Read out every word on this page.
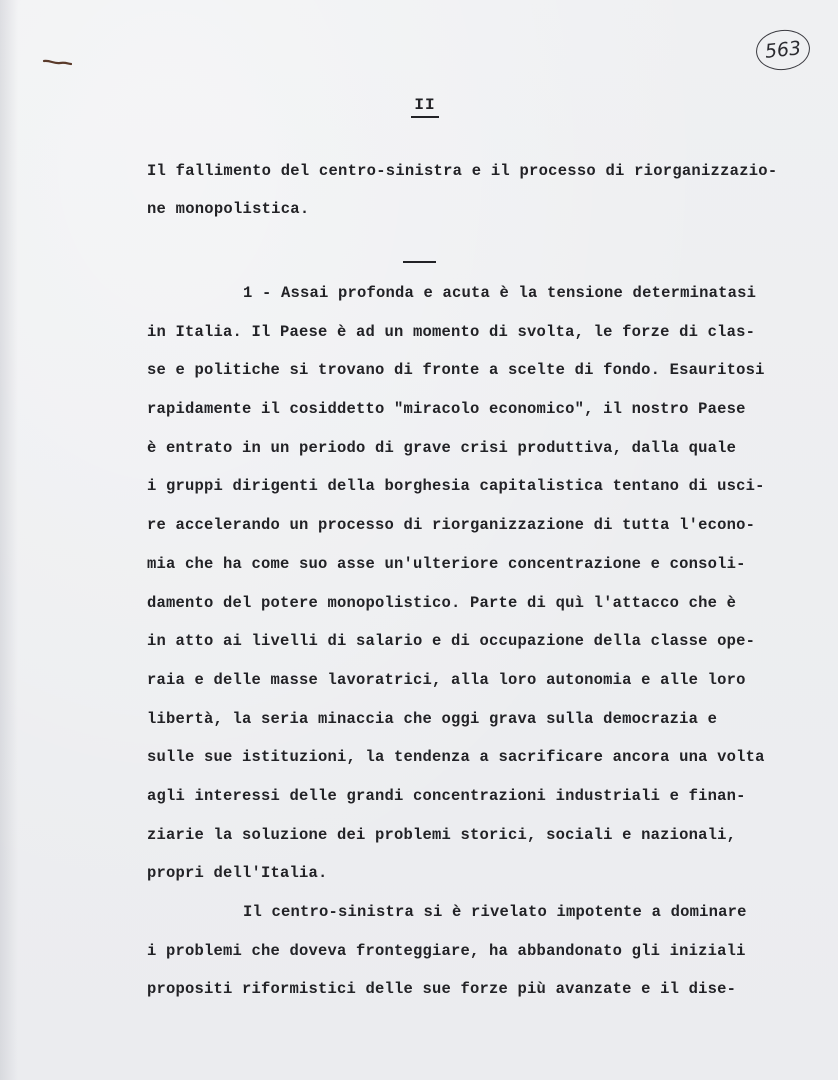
563
II
Il fallimento del centro-sinistra e il processo di riorganizzazio-
ne monopolistica.
1 - Assai profonda e acuta è la tensione determinatasi
in Italia. Il Paese è ad un momento di svolta, le forze di clas-
se e politiche si trovano di fronte a scelte di fondo. Esauritosi
rapidamente il cosiddetto "miracolo economico", il nostro Paese
è entrato in un periodo di grave crisi produttiva, dalla quale
i gruppi dirigenti della borghesia capitalistica tentano di usci-
re accelerando un processo di riorganizzazione di tutta l'econo-
mia che ha come suo asse un'ulteriore concentrazione e consoli-
damento del potere monopolistico. Parte di quì l'attacco che è
in atto ai livelli di salario e di occupazione della classe ope-
raia e delle masse lavoratrici, alla loro autonomia e alle loro
libertà, la seria minaccia che oggi grava sulla democrazia e
sulle sue istituzioni, la tendenza a sacrificare ancora una volta
agli interessi delle grandi concentrazioni industriali e finan-
ziarie la soluzione dei problemi storici, sociali e nazionali,
propri dell'Italia.
Il centro-sinistra si è rivelato impotente a dominare
i problemi che doveva fronteggiare, ha abbandonato gli iniziali
propositi riformistici delle sue forze più avanzate e il dise-
